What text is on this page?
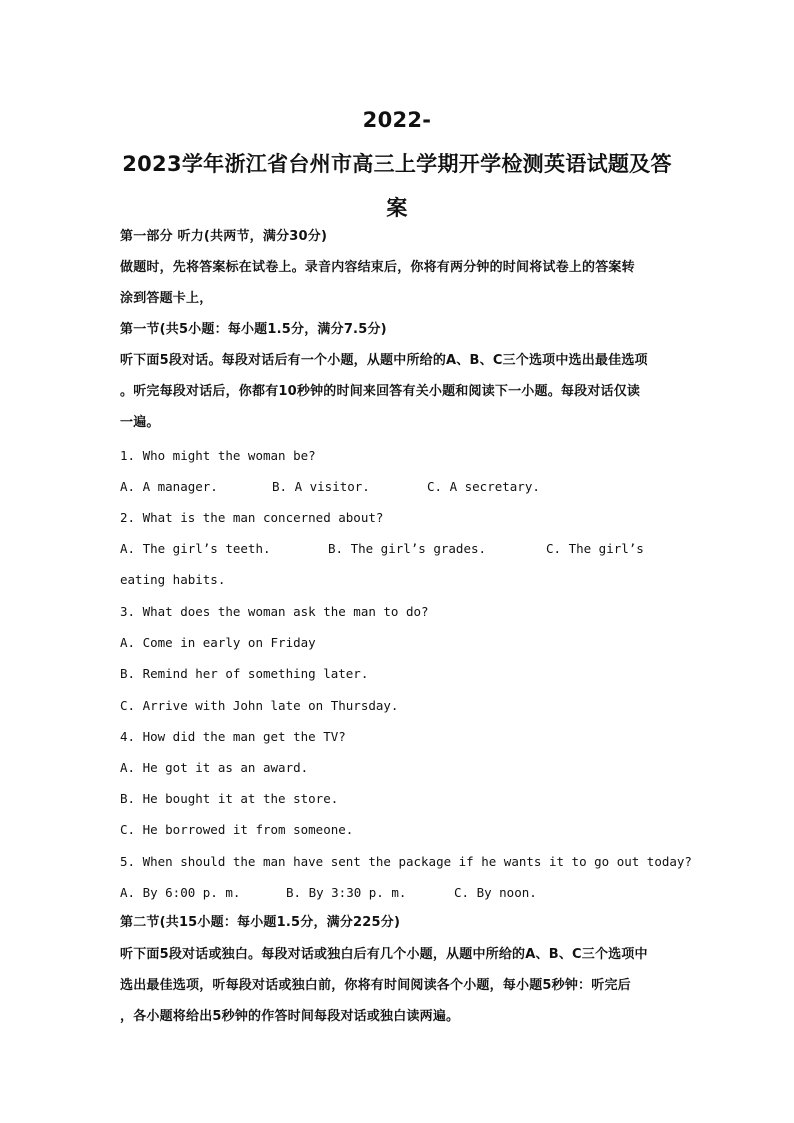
2022-
2023学年浙江省台州市高三上学期开学检测英语试题及答
案
第一部分 听力(共两节，满分30分)
做题时，先将答案标在试卷上。录音内容结束后，你将有两分钟的时间将试卷上的答案转
涂到答题卡上，
第一节(共5小题：每小题1.5分，满分7.5分)
听下面5段对话。每段对话后有一个小题，从题中所给的A、B、C三个选项中选出最佳选项
。听完每段对话后，你都有10秒钟的时间来回答有关小题和阅读下一小题。每段对话仅读
一遍。
1. Who might the woman be?
A. A manager.	B. A visitor.	C. A secretary.
2. What is the man concerned about?
A. The girl’s teeth.	B. The girl’s grades.	C. The girl’s
eating habits.
3. What does the woman ask the man to do?
A. Come in early on Friday
B. Remind her of something later.
C. Arrive with John late on Thursday.
4. How did the man get the TV?
A. He got it as an award.
B. He bought it at the store.
C. He borrowed it from someone.
5. When should the man have sent the package if he wants it to go out today?
A. By 6:00 p. m.	B. By 3:30 p. m.	C. By noon.
第二节(共15小题：每小题1.5分，满分225分)
听下面5段对话或独白。每段对话或独白后有几个小题，从题中所给的A、B、C三个选项中
选出最佳选项，听每段对话或独白前，你将有时间阅读各个小题，每小题5秒钟：听完后
，各小题将给出5秒钟的作答时间每段对话或独白读两遍。
